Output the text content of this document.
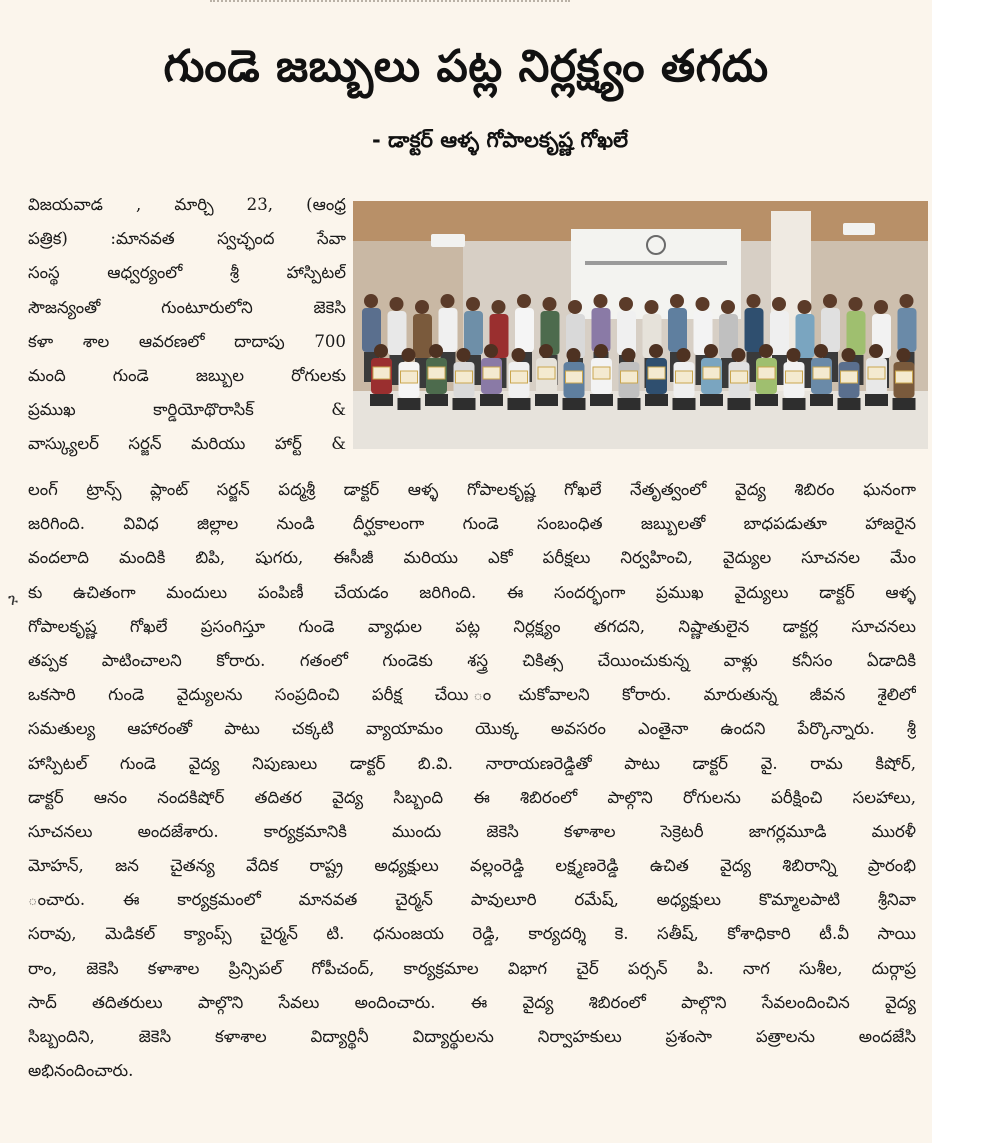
గుండె జబ్బులు పట్ల నిర్లక్ష్యం తగదు
- డాక్టర్ ఆళ్ళ గోపాలకృష్ణ గోఖలే
విజయవాడ , మార్చి 23, (ఆంధ్ర
పత్రిక) :మానవత స్వచ్ఛంద సేవా
సంస్థ ఆధ్వర్యంలో శ్రీ హాస్పిటల్
సౌజన్యంతో గుంటూరులోని జెకెసి
కళా శాల ఆవరణలో దాదాపు 700
మంది గుండె జబ్బుల రోగులకు
ప్రముఖ కార్డియోథొరాసిక్ &
వాస్క్యులర్ సర్జన్ మరియు హార్ట్ &
లంగ్ ట్రాన్స్ ప్లాంట్ సర్జన్ పద్మశ్రీ డాక్టర్ ఆళ్ళ గోపాలకృష్ణ గోఖలే నేతృత్వంలో వైద్య శిబిరం ఘనంగా
జరిగింది. వివిధ జిల్లాల నుండి దీర్ఘకాలంగా గుండె సంబంధిత జబ్బులతో బాధపడుతూ హాజరైన
వందలాది మందికి బిపి, షుగరు, ఈసీజీ మరియు ఎకో పరీక్షలు నిర్వహించి, వైద్యుల సూచనల మేం
కు ఉచితంగా మందులు పంపిణీ చేయడం జరిగింది. ఈ సందర్భంగా ప్రముఖ వైద్యులు డాక్టర్ ఆళ్ళ
గోపాలకృష్ణ గోఖలే ప్రసంగిస్తూ గుండె వ్యాధుల పట్ల నిర్లక్ష్యం తగదని, నిష్ణాతులైన డాక్టర్ల సూచనలు
తప్పక పాటించాలని కోరారు. గతంలో గుండెకు శస్త్ర చికిత్స చేయించుకున్న వాళ్లు కనీసం ఏడాదికి
ఒకసారి గుండె వైద్యులను సంప్రదించి పరీక్ష చేయి ంచుకోవాలని కోరారు. మారుతున్న జీవన శైలిలో
సమతుల్య ఆహారంతో పాటు చక్కటి వ్యాయామం యొక్క అవసరం ఎంతైనా ఉందని పేర్కొన్నారు. శ్రీ
హాస్పిటల్ గుండె వైద్య నిపుణులు డాక్టర్ బి.వి. నారాయణరెడ్డితో పాటు డాక్టర్ వై. రామ కిషోర్,
డాక్టర్ ఆనం నందకిషోర్ తదితర వైద్య సిబ్బంది ఈ శిబిరంలో పాల్గొని రోగులను పరీక్షించి సలహాలు,
సూచనలు అందజేశారు. కార్యక్రమానికి ముందు జెకెసి కళాశాల సెక్రెటరీ జాగర్లమూడి మురళీ
మోహన్, జన చైతన్య వేదిక రాష్ట్ర అధ్యక్షులు వల్లంరెడ్డి లక్ష్మణరెడ్డి ఉచిత వైద్య శిబిరాన్ని ప్రారంభి
ంచారు. ఈ కార్యక్రమంలో మానవత చైర్మన్ పావులూరి రమేష్, అధ్యక్షులు కొమ్మాలపాటి శ్రీనివా
సరావు, మెడికల్ క్యాంప్స్ చైర్మన్ టి. ధనుంజయ రెడ్డి, కార్యదర్శి కె. సతీష్, కోశాధికారి టీ.వీ సాయి
రాం, జెకెసి కళాశాల ప్రిన్సిపల్ గోపీచంద్, కార్యక్రమాల విభాగ చైర్ పర్సన్ పి. నాగ సుశీల, దుర్గాప్ర
సాద్ తదితరులు పాల్గొని సేవలు అందించారు. ఈ వైద్య శిబిరంలో పాల్గొని సేవలందించిన వైద్య
సిబ్బందిని, జెకెసి కళాశాల విద్యార్థినీ విద్యార్థులను నిర్వాహకులు ప్రశంసా పత్రాలను అందజేసి
అభినందించారు.
ጉ
